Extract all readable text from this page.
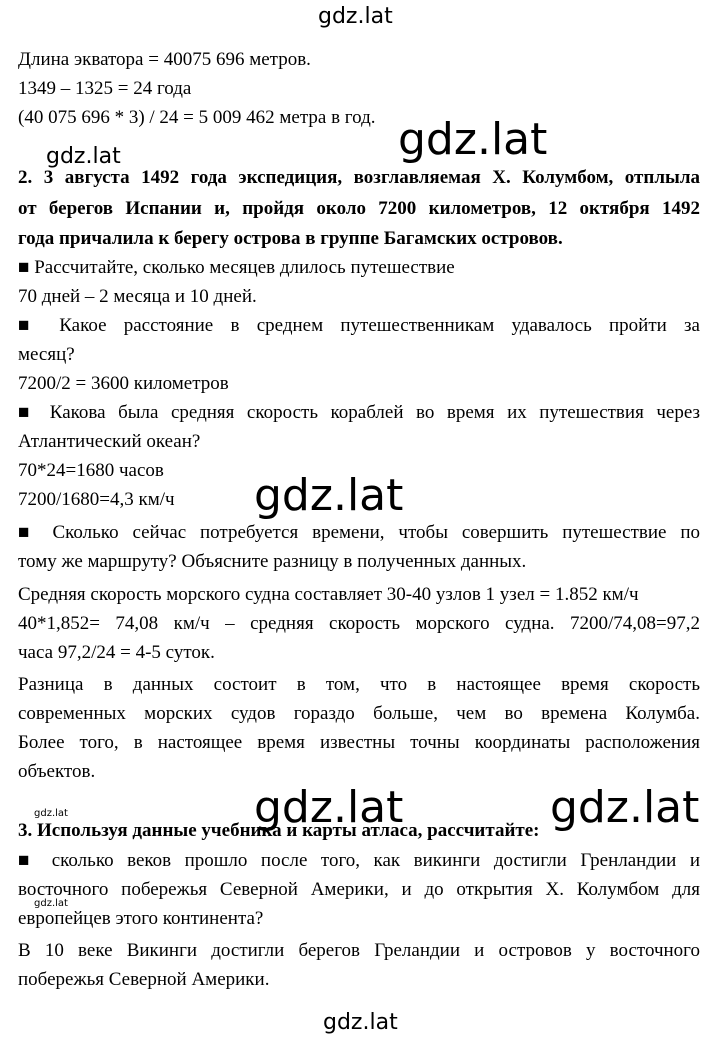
gdz.lat
gdz.lat
gdz.lat
gdz.lat
gdz.lat	gdz.lat	gdz.lat
gdz.lat
gdz.lat
Длина экватора = 40075 696 метров.
1349 – 1325 = 24 года
(40 075 696 * 3) / 24 = 5 009 462 метра в год.
2. 3 августа 1492 года экспедиция, возглавляемая Х. Колумбом, отплыла
от берегов Испании и, пройдя около 7200 километров, 12 октября 1492
года причалила к берегу острова в группе Багамских островов.
■ Рассчитайте, сколько месяцев длилось путешествие
70 дней – 2 месяца и 10 дней.
■ Какое расстояние в среднем путешественникам удавалось пройти за
месяц?
7200/2 = 3600 километров
■ Какова была средняя скорость кораблей во время их путешествия через
Атлантический океан?
70*24=1680 часов
7200/1680=4,3 км/ч
■ Сколько сейчас потребуется времени, чтобы совершить путешествие по
тому же маршруту? Объясните разницу в полученных данных.
Средняя скорость морского судна составляет 30-40 узлов 1 узел = 1.852 км/ч
40*1,852= 74,08 км/ч – средняя скорость морского судна. 7200/74,08=97,2
часа 97,2/24 = 4-5 суток.
Разница в данных состоит в том, что в настоящее время скорость
современных морских судов гораздо больше, чем во времена Колумба.
Более того, в настоящее время известны точны координаты расположения
объектов.
3. Используя данные учебника и карты атласа, рассчитайте:
■ сколько веков прошло после того, как викинги достигли Гренландии и
восточного побережья Северной Америки, и до открытия Х. Колумбом для
европейцев этого континента?
В 10 веке Викинги достигли берегов Греландии и островов у восточного
побережья Северной Америки.
